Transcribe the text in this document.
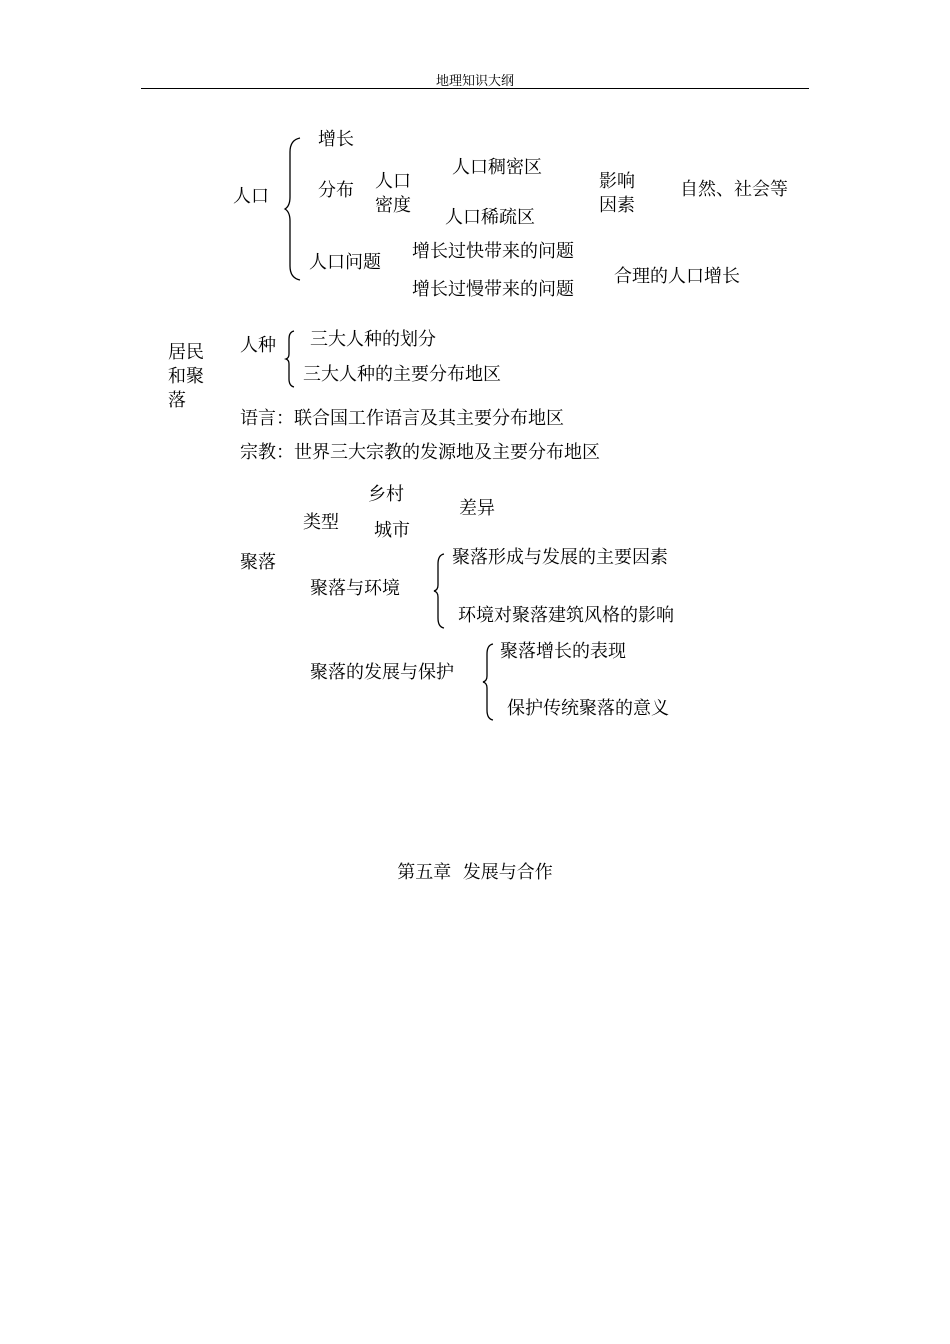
地理知识大纲
人口
增长
分布 人口密度
人口稠密区
人口稀疏区
影响因素
自然、社会等
人口问题
增长过快带来的问题
增长过慢带来的问题
合理的人口增长
居民和聚落
人种 三大人种的划分
三大人种的主要分布地区
语言：联合国工作语言及其主要分布地区
宗教：世界三大宗教的发源地及主要分布地区
乡村
类型
差异
城市
聚落
聚落与环境
聚落形成与发展的主要因素
环境对聚落建筑风格的影响
聚落的发展与保护
聚落增长的表现
保护传统聚落的意义
第五章  发展与合作
